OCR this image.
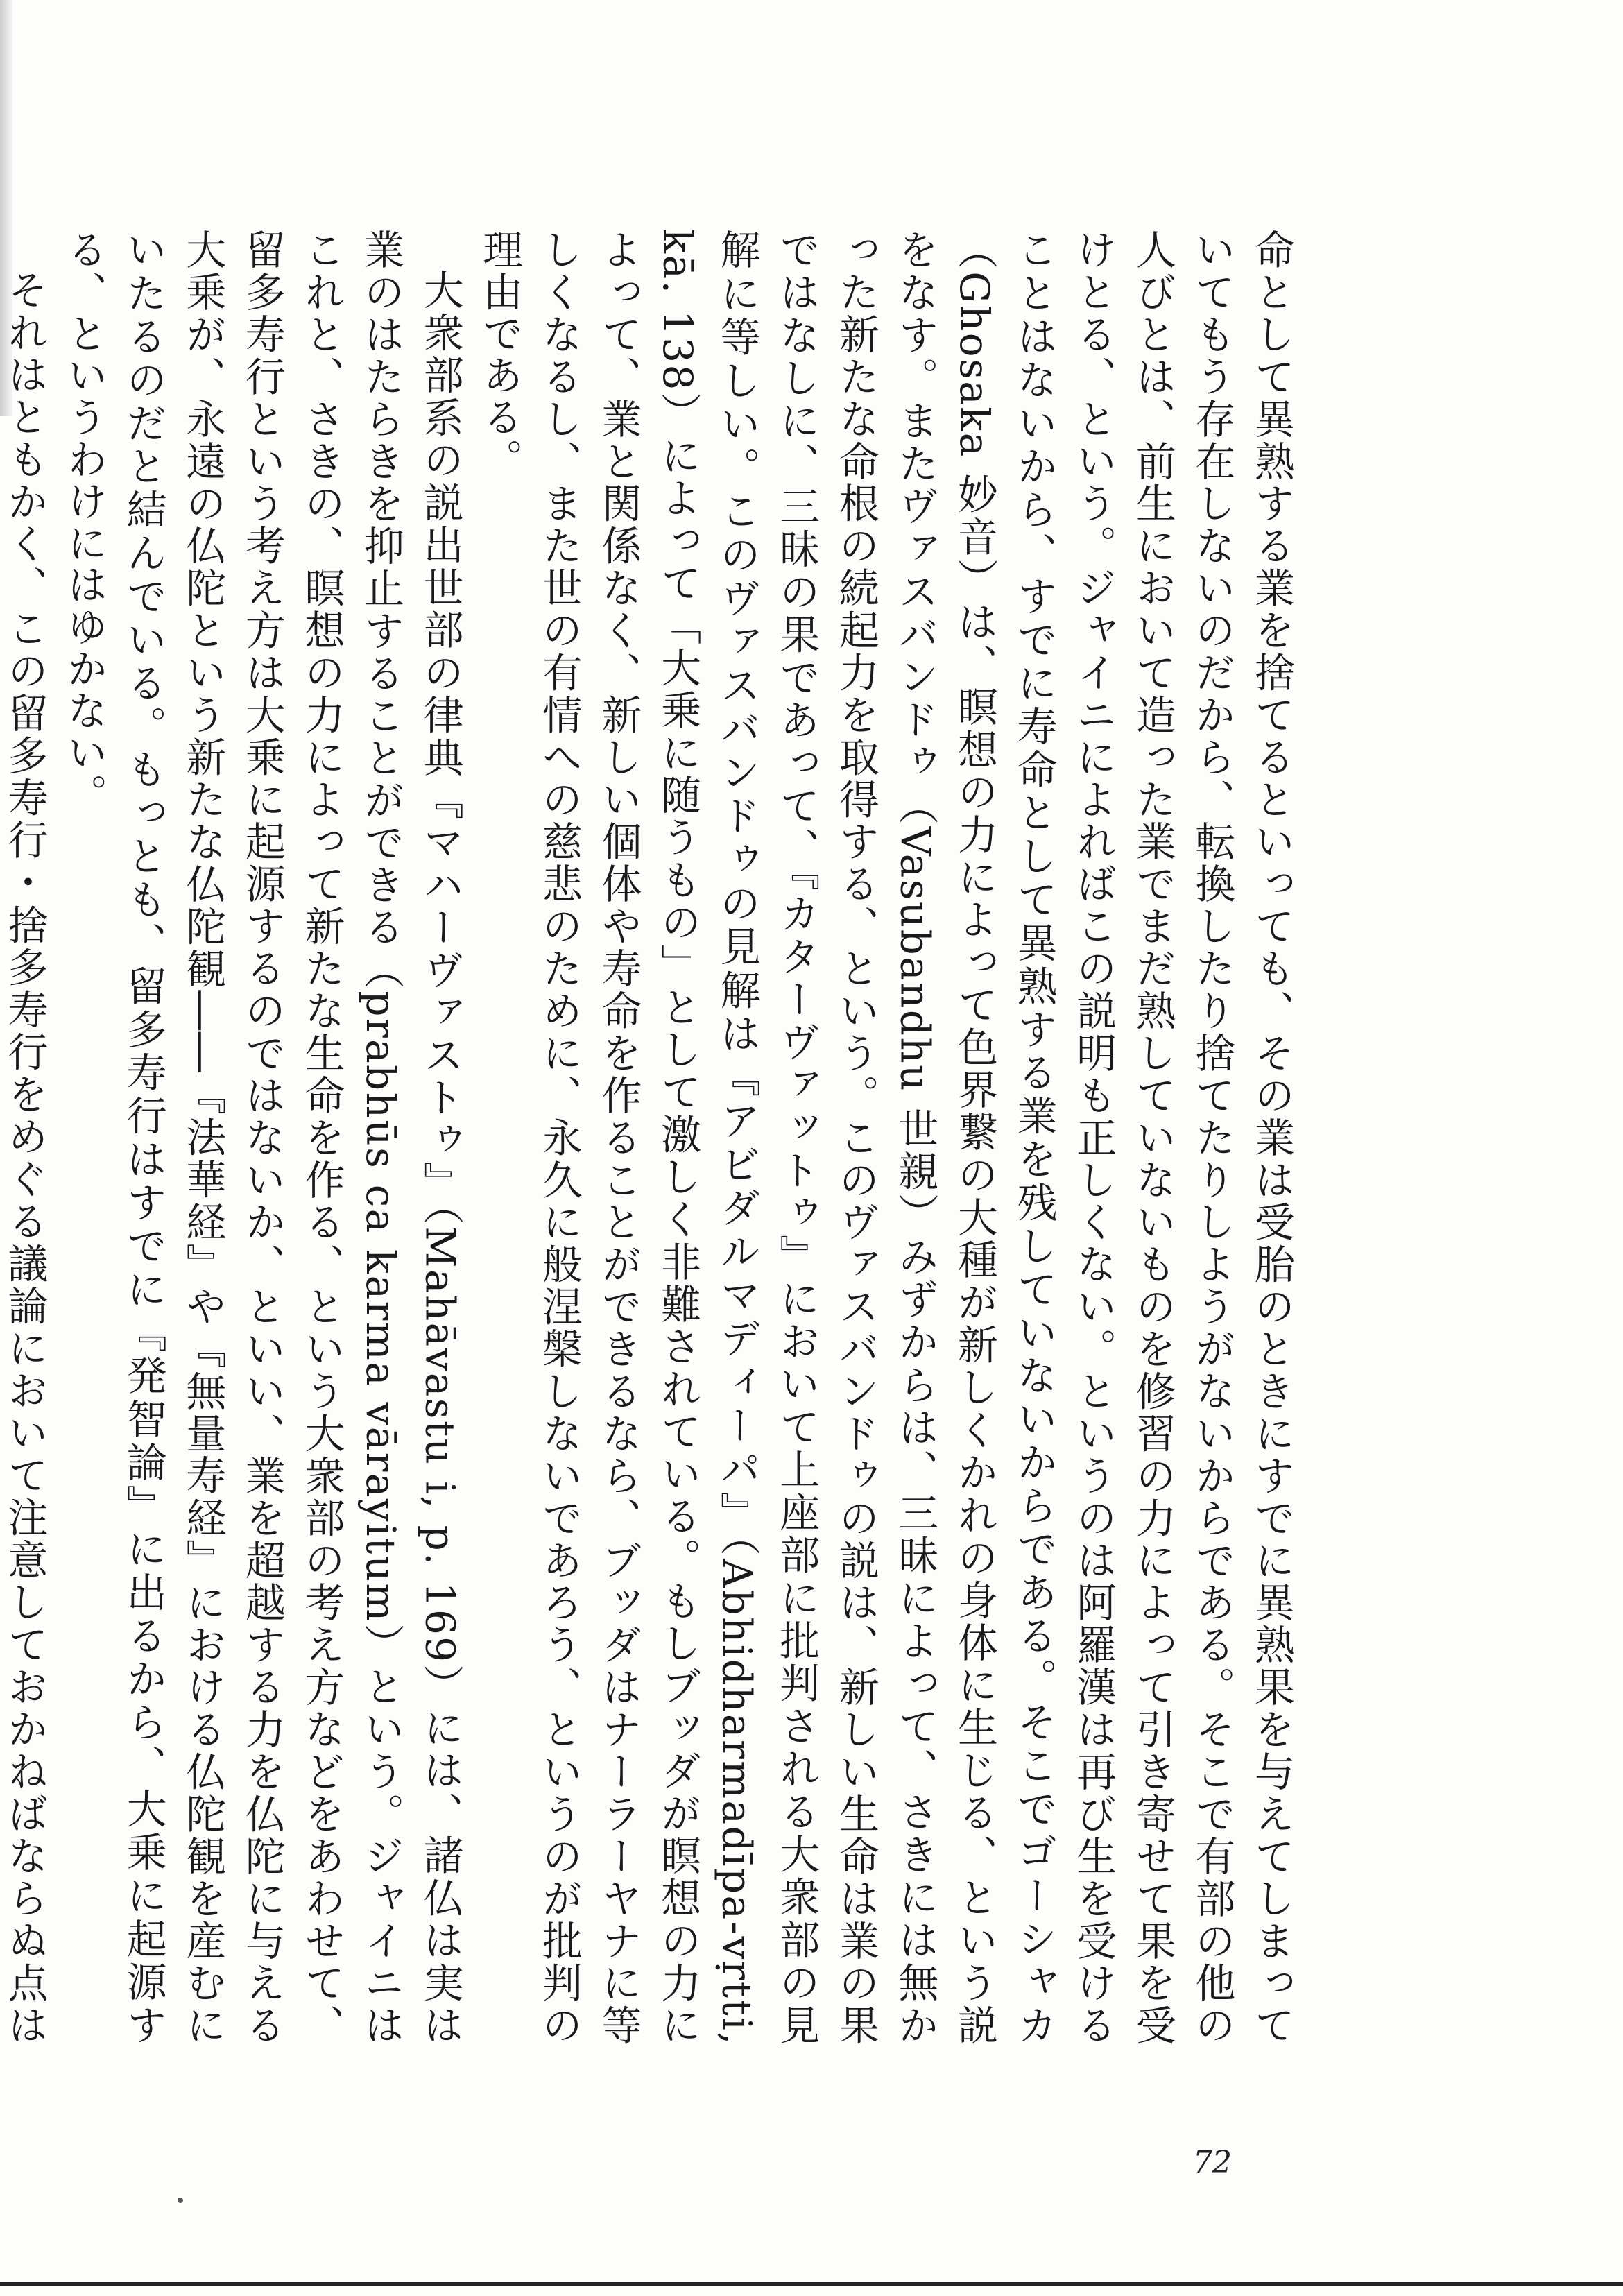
命として異熟する業を捨てるといっても、その業は受胎のときにすでに異熟果を与えてしまっていてもう存在しないのだから、転換したり捨てたりしようがないからである。そこで有部の他の人びとは、前生において造った業でまだ熟していないものを修習の力によって引き寄せて果を受けとる、という。ジャイニによればこの説明も正しくない。というのは阿羅漢は再び生を受けることはないから、すでに寿命として異熟する業を残していないからである。そこでゴーシャカ（Ghosaka 妙音）は、瞑想の力によって色界繋の大種が新しくかれの身体に生じる、という説をなす。またヴァスバンドゥ（Vasubandhu 世親）みずからは、三昧によって、さきには無かった新たな命根の続起力を取得する、という。このヴァスバンドゥの説は、新しい生命は業の果ではなしに、三昧の果であって、『カターヴァットゥ』において上座部に批判される大衆部の見解に等しい。このヴァスバンドゥの見解は『アビダルマディーパ』（Abhidharmadīpa-vṛtti, kā. 138）によって「大乗に随うもの」として激しく非難されている。もしブッダが瞑想の力によって、業と関係なく、新しい個体や寿命を作ることができるなら、ブッダはナーラーヤナに等しくなるし、また世の有情への慈悲のために、永久に般涅槃しないであろう、というのが批判の理由である。

大衆部系の説出世部の律典『マハーヴァストゥ』（Mahāvastu i, p. 169）には、諸仏は実は業のはたらきを抑止することができる（prabhūs ca karma vārayitum）という。ジャイニはこれと、さきの、瞑想の力によって新たな生命を作る、という大衆部の考え方などをあわせて、留多寿行という考え方は大乗に起源するのではないか、といい、業を超越する力を仏陀に与える大乗が、永遠の仏陀という新たな仏陀観――『法華経』や『無量寿経』における仏陀観を産むにいたるのだと結んでいる。もっとも、留多寿行はすでに『発智論』に出るから、大乗に起源する、というわけにはゆかない。

それはともかく、この留多寿行・捨多寿行をめぐる議論において注意しておかねばならぬ点は

72
